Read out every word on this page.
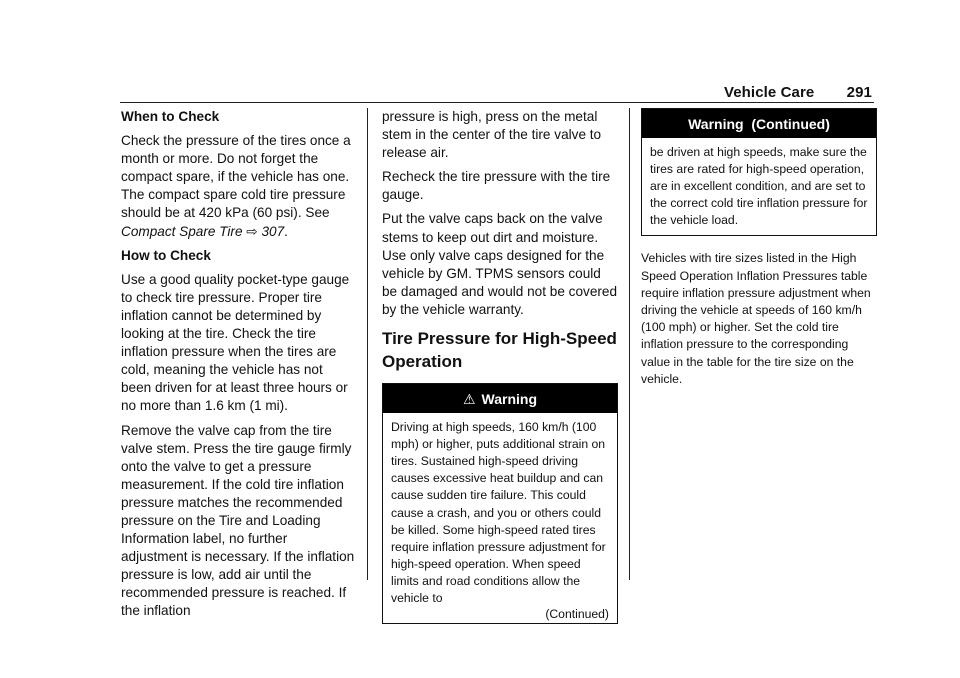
Vehicle Care 291

When to Check

Check the pressure of the tires once a month or more. Do not forget the compact spare, if the vehicle has one. The compact spare cold tire pressure should be at 420 kPa (60 psi). See Compact Spare Tire ⇨ 307.

How to Check

Use a good quality pocket-type gauge to check tire pressure. Proper tire inflation cannot be determined by looking at the tire. Check the tire inflation pressure when the tires are cold, meaning the vehicle has not been driven for at least three hours or no more than 1.6 km (1 mi).

Remove the valve cap from the tire valve stem. Press the tire gauge firmly onto the valve to get a pressure measurement. If the cold tire inflation pressure matches the recommended pressure on the Tire and Loading Information label, no further adjustment is necessary. If the inflation pressure is low, add air until the recommended pressure is reached. If the inflation

pressure is high, press on the metal stem in the center of the tire valve to release air.

Recheck the tire pressure with the tire gauge.

Put the valve caps back on the valve stems to keep out dirt and moisture. Use only valve caps designed for the vehicle by GM. TPMS sensors could be damaged and would not be covered by the vehicle warranty.

Tire Pressure for High-Speed Operation
⚠ Warning
Driving at high speeds, 160 km/h (100 mph) or higher, puts additional strain on tires. Sustained high-speed driving causes excessive heat buildup and can cause sudden tire failure. This could cause a crash, and you or others could be killed. Some high-speed rated tires require inflation pressure adjustment for high-speed operation. When speed limits and road conditions allow the vehicle to
(Continued)
Warning  (Continued)
be driven at high speeds, make sure the tires are rated for high-speed operation, are in excellent condition, and are set to the correct cold tire inflation pressure for the vehicle load.

Vehicles with tire sizes listed in the High Speed Operation Inflation Pressures table require inflation pressure adjustment when driving the vehicle at speeds of 160 km/h (100 mph) or higher. Set the cold tire inflation pressure to the corresponding value in the table for the tire size on the vehicle.
